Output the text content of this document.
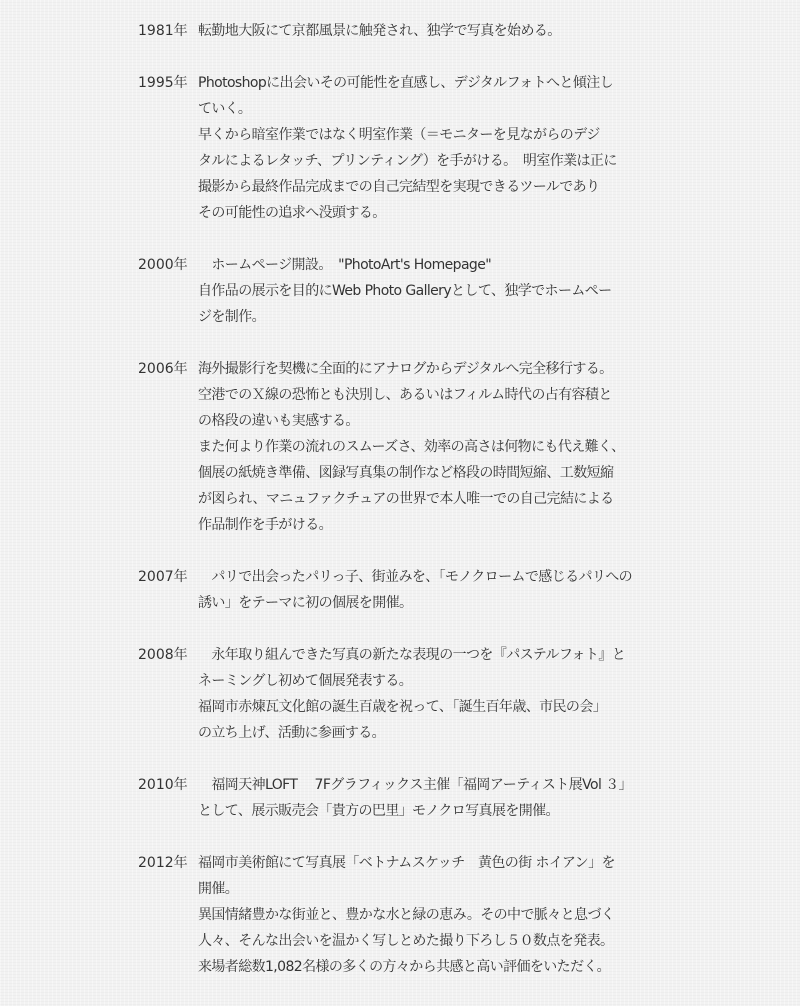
1981年 転勤地大阪にて京都風景に触発され、独学で写真を始める。
1995年 Photoshopに出会いその可能性を直感し、デジタルフォトへと傾注し
ていく。
早くから暗室作業ではなく明室作業（＝モニターを見ながらのデジ
タルによるレタッチ、プリンティング）を手がける。　明室作業は正に
撮影から最終作品完成までの自己完結型を実現できるツールであり
その可能性の追求へ没頭する。
2000年 　ホームページ開設。　"PhotoArt's Homepage"
自作品の展示を目的にWeb Photo Galleryとして、独学でホームペー
ジを制作。
2006年 海外撮影行を契機に全面的にアナログからデジタルへ完全移行する。
空港でのＸ線の恐怖とも決別し、あるいはフィルム時代の占有容積と
の格段の違いも実感する。
また何より作業の流れのスムーズさ、効率の高さは何物にも代え難く、
個展の紙焼き準備、図録写真集の制作など格段の時間短縮、工数短縮
が図られ、マニュファクチュアの世界で本人唯一での自己完結による
作品制作を手がける。
2007年 　パリで出会ったパリっ子、街並みを、「モノクロームで感じるパリへの
誘い」をテーマに初の個展を開催。
2008年 　永年取り組んできた写真の新たな表現の一つを『パステルフォト』と
ネーミングし初めて個展発表する。
福岡市赤煉瓦文化館の誕生百歳を祝って、「誕生百年歳、市民の会」
の立ち上げ、活動に参画する。
2010年 　福岡天神LOFT　 7Fグラフィックス主催「福岡アーティスト展Vol ３」
として、展示販売会「貴方の巴里」モノクロ写真展を開催。
2012年 福岡市美術館にて写真展「ベトナムスケッチ　黄色の街 ホイアン」を
開催。
異国情緒豊かな街並と、豊かな水と緑の恵み。その中で脈々と息づく
人々、そんな出会いを温かく写しとめた撮り下ろし５０数点を発表。
来場者総数1,082名様の多くの方々から共感と高い評価をいただく。
